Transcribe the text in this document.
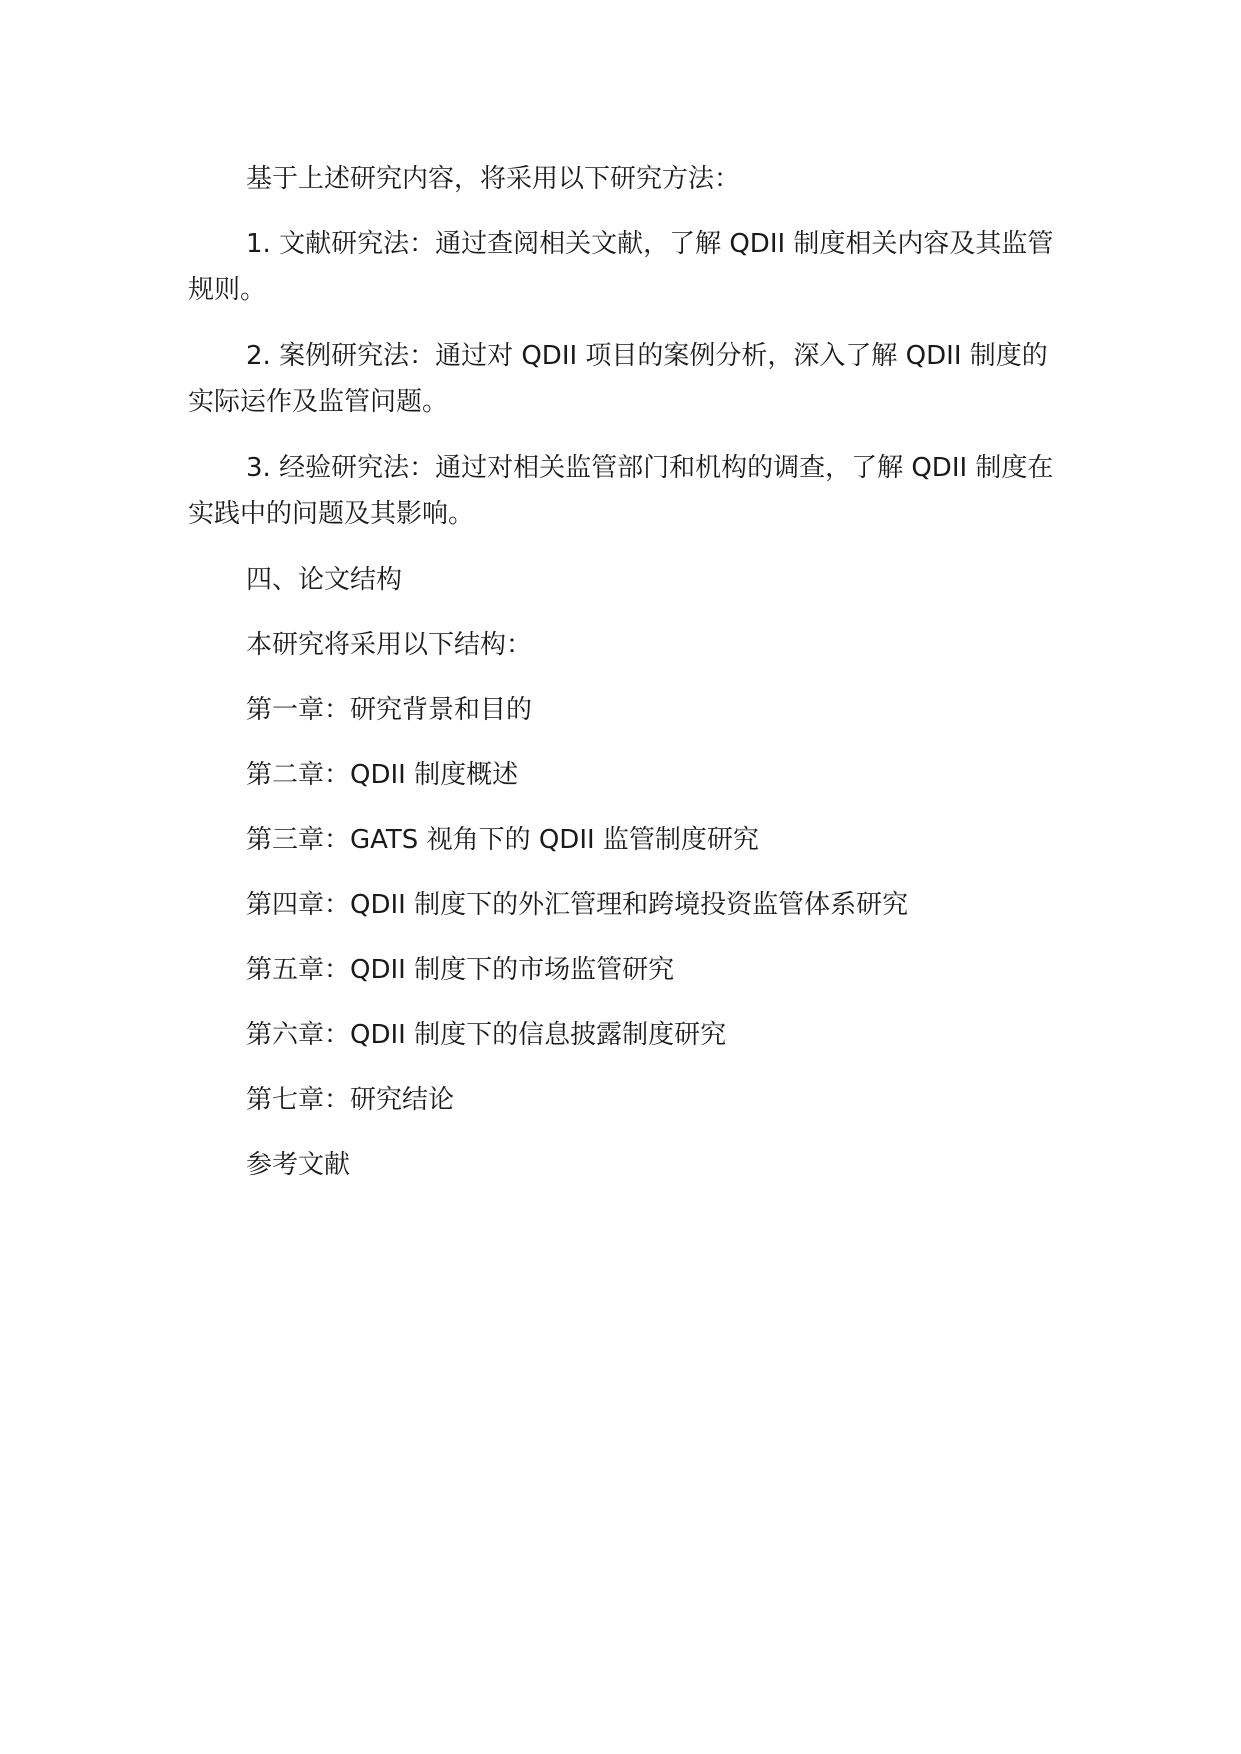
基于上述研究内容，将采用以下研究方法：

1. 文献研究法：通过查阅相关文献，了解 QDII 制度相关内容及其监管规则。

2. 案例研究法：通过对 QDII 项目的案例分析，深入了解 QDII 制度的实际运作及监管问题。

3. 经验研究法：通过对相关监管部门和机构的调查，了解 QDII 制度在实践中的问题及其影响。

四、论文结构

本研究将采用以下结构：

第一章：研究背景和目的

第二章：QDII 制度概述

第三章：GATS 视角下的 QDII 监管制度研究

第四章：QDII 制度下的外汇管理和跨境投资监管体系研究

第五章：QDII 制度下的市场监管研究

第六章：QDII 制度下的信息披露制度研究

第七章：研究结论

参考文献
